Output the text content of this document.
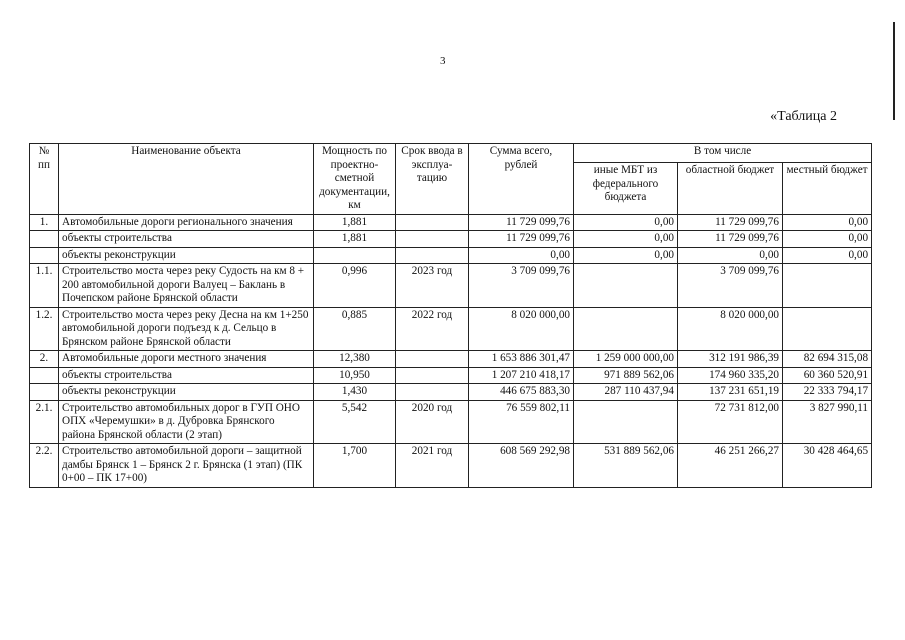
3
«Таблица 2
№ пп	Наименование объекта	Мощность по проектно-сметной документации, км	Срок ввода в эксплуа-тацию	Сумма всего, рублей	В том числе		
					иные МБТ из федерального бюджета	областной бюджет	местный бюджет
1.	Автомобильные дороги регионального значения	1,881		11 729 099,76	0,00	11 729 099,76	0,00
	объекты строительства	1,881		11 729 099,76	0,00	11 729 099,76	0,00
	объекты реконструкции			0,00	0,00	0,00	0,00
1.1.	Строительство моста через реку Судость на км 8 + 200 автомобильной дороги Валуец – Баклань в Почепском районе Брянской области	0,996	2023 год	3 709 099,76		3 709 099,76	
1.2.	Строительство моста через реку Десна на км 1+250 автомобильной дороги подъезд к д. Сельцо в Брянском районе Брянской области	0,885	2022 год	8 020 000,00		8 020 000,00	
2.	Автомобильные дороги местного значения	12,380		1 653 886 301,47	1 259 000 000,00	312 191 986,39	82 694 315,08
	объекты строительства	10,950		1 207 210 418,17	971 889 562,06	174 960 335,20	60 360 520,91
	объекты реконструкции	1,430		446 675 883,30	287 110 437,94	137 231 651,19	22 333 794,17
2.1.	Строительство автомобильных дорог в ГУП ОНО ОПХ «Черемушки» в д. Дубровка Брянского района Брянской области (2 этап)	5,542	2020 год	76 559 802,11		72 731 812,00	3 827 990,11
2.2.	Строительство автомобильной дороги – защитной дамбы Брянск 1 – Брянск 2 г. Брянска (1 этап) (ПК 0+00 – ПК 17+00)	1,700	2021 год	608 569 292,98	531 889 562,06	46 251 266,27	30 428 464,65
